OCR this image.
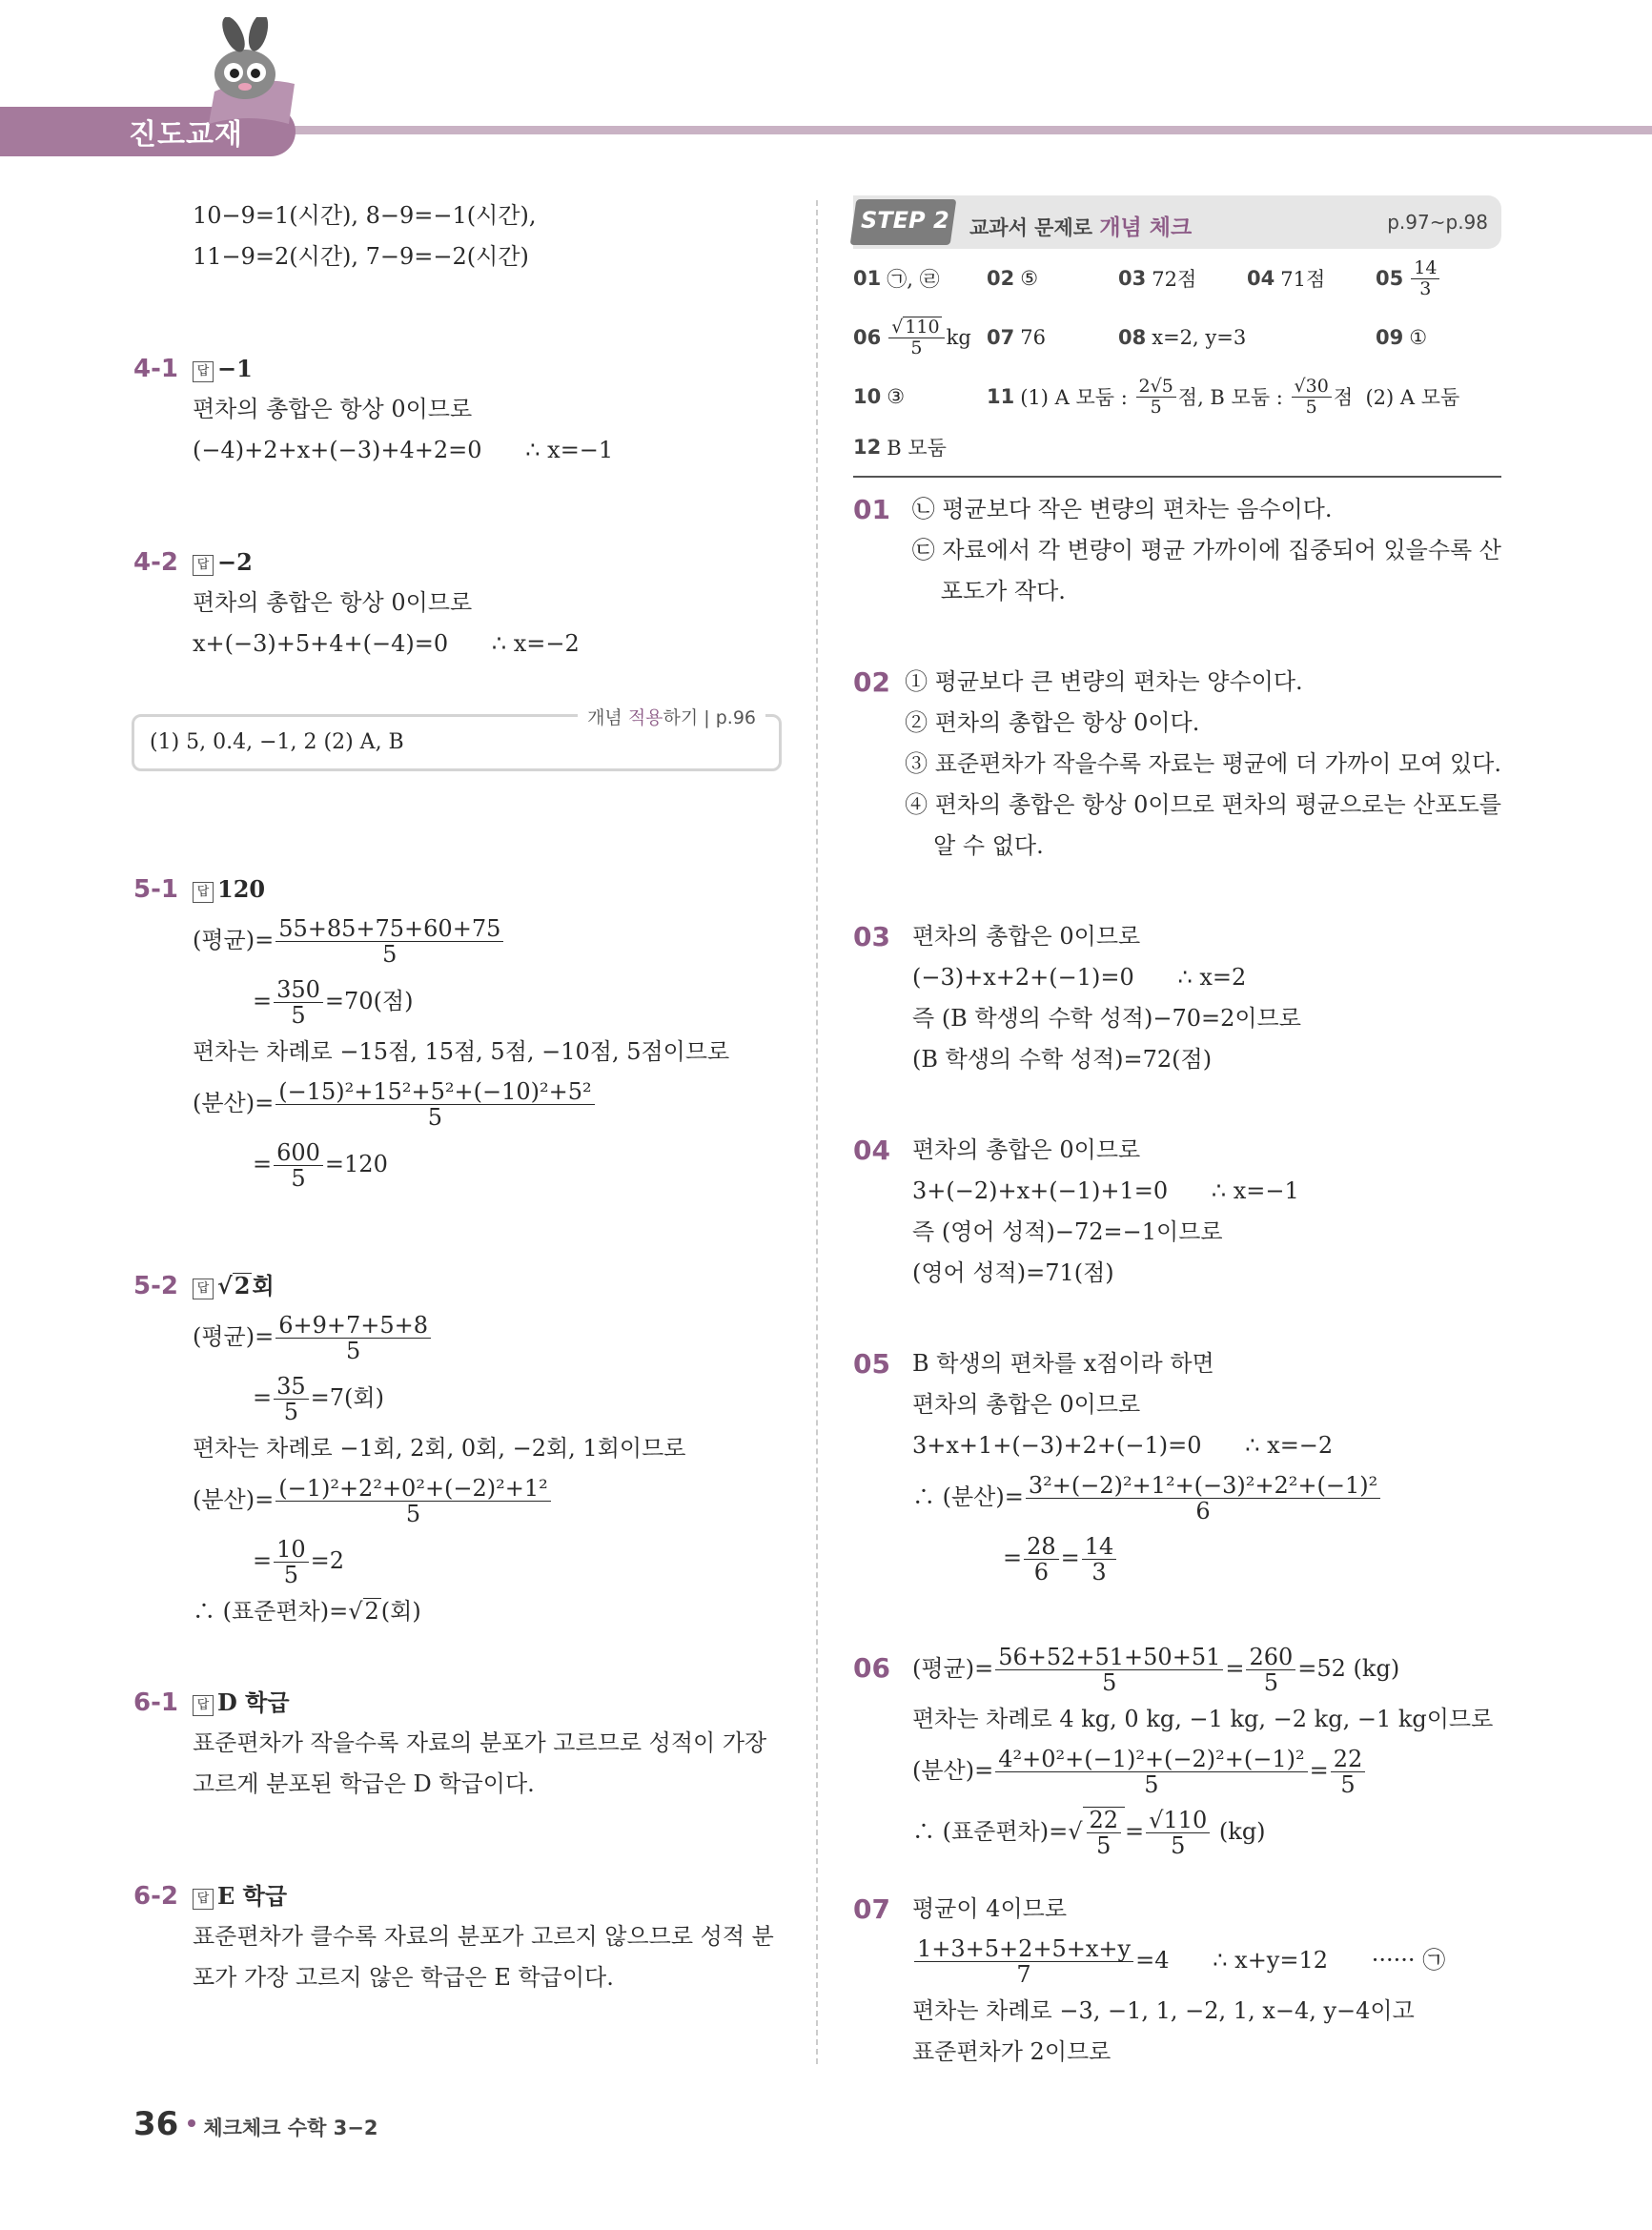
진도교재
10−9=1(시간), 8−9=−1(시간),
11−9=2(시간), 7−9=−2(시간)
4-1 답 −1
편차의 총합은 항상 0이므로
(−4)+2+x+(−3)+4+2=0      ∴ x=−1
4-2 답 −2
편차의 총합은 항상 0이므로
x+(−3)+5+4+(−4)=0      ∴ x=−2
개념 적용하기 | p.96
(1) 5, 0.4, −1, 2 (2) A, B
5-1 답 120
(평균)= $\frac{55+85+75+60+75}{5}$
= $\frac{350}{5} =70$(점)
편차는 차례로 −15점, 15점, 5점, −10점, 5점이므로
(분산)= $\frac{\text{(−15)²+15²+5²+(−10)²+5²}}{5}$
= $\frac{600}{5} =120$
5-2 답 √2회
(평균)= $\frac{6+9+7+5+8}{5}$
= $\frac{35}{5} =7$(회)
편차는 차례로 −1회, 2회, 0회, −2회, 1회이므로
(분산)= $\frac{\text{(−1)²+2²+0²+(−2)²+1²}}{5}$
= $\frac{10}{5} =2$
∴ (표준편차)=√2(회)
6-1 답 D 학급
표준편차가 작을수록 자료의 분포가 고르므로 성적이 가장
고르게 분포된 학급은 D 학급이다.
6-2 답 E 학급
표준편차가 클수록 자료의 분포가 고르지 않으므로 성적 분
포가 가장 고르지 않은 학급은 E 학급이다.
STEP 2 교과서 문제로 개념 체크	p.97~p.98
01 ㉠, ㉣ 02 ⑤	03 72점	04 71점	$05 \frac{14}{3}$
$06 \frac{√ 110}{5}$ kg 07 76	08 x=2, y=3	09 ①
10 ③	11 (1) A 모둠 : $\frac{2√5}{5}$ 점, B 모둠 : $\frac{√30}{5}$ 점  (2) A 모둠
12 B 모둠
01 ㉡ 평균보다 작은 변량의 편차는 음수이다.
㉢ 자료에서 각 변량이 평균 가까이에 집중되어 있을수록 산
포도가 작다.
02 ① 평균보다 큰 변량의 편차는 양수이다.
② 편차의 총합은 항상 0이다.
③ 표준편차가 작을수록 자료는 평균에 더 가까이 모여 있다.
④ 편차의 총합은 항상 0이므로 편차의 평균으로는 산포도를
알 수 없다.
03 편차의 총합은 0이므로
(−3)+x+2+(−1)=0      ∴ x=2
즉 (B 학생의 수학 성적)−70=2이므로
(B 학생의 수학 성적)=72(점)
04 편차의 총합은 0이므로
3+(−2)+x+(−1)+1=0      ∴ x=−1
즉 (영어 성적)−72=−1이므로
(영어 성적)=71(점)
05 B 학생의 편차를 x점이라 하면
편차의 총합은 0이므로
3+x+1+(−3)+2+(−1)=0      ∴ x=−2
∴ (분산)= $\frac{\text{3²+(−2)²+1²+(−3)²+2²+(−1)²}}{6}$
= $\frac{28}{6} = \frac{14}{3}$
06 (평균)= $\frac{56+52+51+50+51}{5} = \frac{260}{5} =52$ (kg)
편차는 차례로 4 kg, 0 kg, −1 kg, −2 kg, −1 kg이므로
(분산)= $\frac{\text{4²+0²+(−1)²+(−2)²+(−1)²}}{5} = \frac{22}{5}$
∴ (표준편차)=√ $\frac{22}{5} = \frac{√110}{5} (kg)$
07 평균이 4이므로
$\frac{1+3+5+2+5+x+y}{7} =4$      ∴ x+y=12      ······ ㉠
편차는 차례로 −3, −1, 1, −2, 1, x−4, y−4이고
표준편차가 2이므로
36 체크체크 수학 3−2
